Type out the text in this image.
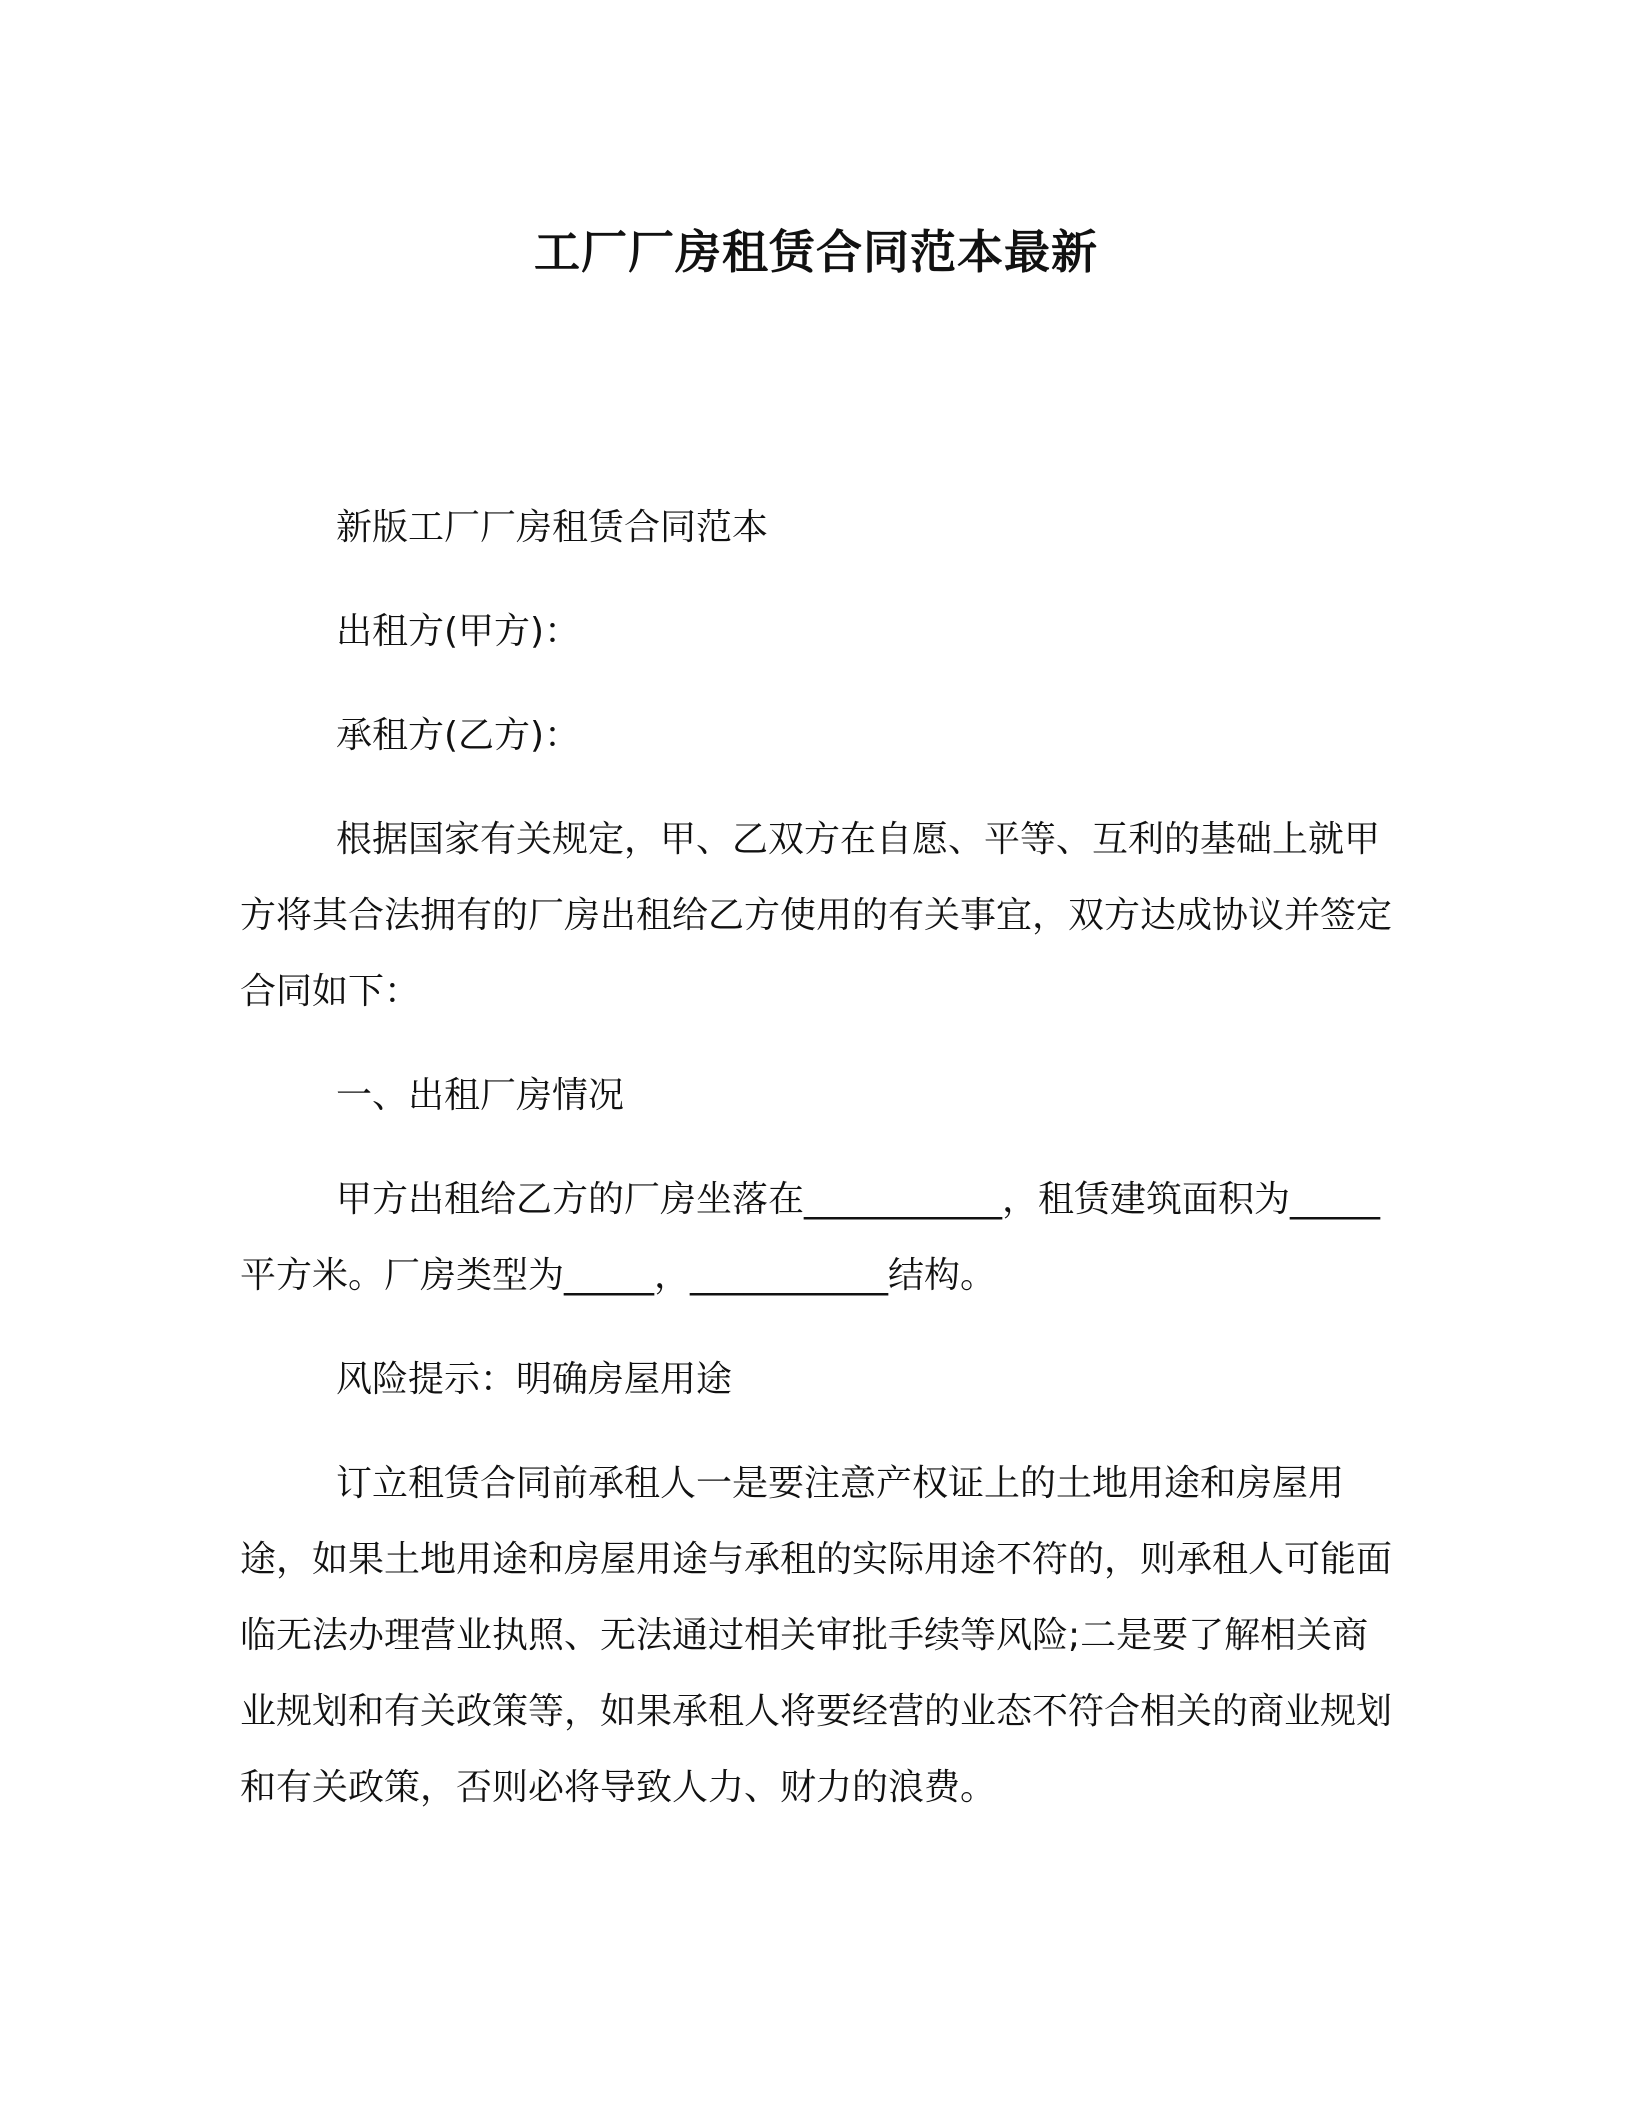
工厂厂房租赁合同范本最新

新版工厂厂房租赁合同范本

出租方(甲方)：

承租方(乙方)：

根据国家有关规定，甲、乙双方在自愿、平等、互利的基础上就甲方将其合法拥有的厂房出租给乙方使用的有关事宜，双方达成协议并签定合同如下：

一、出租厂房情况

甲方出租给乙方的厂房坐落在___________，租赁建筑面积为_____平方米。厂房类型为_____，___________结构。

风险提示：明确房屋用途

订立租赁合同前承租人一是要注意产权证上的土地用途和房屋用途，如果土地用途和房屋用途与承租的实际用途不符的，则承租人可能面临无法办理营业执照、无法通过相关审批手续等风险;二是要了解相关商业规划和有关政策等，如果承租人将要经营的业态不符合相关的商业规划和有关政策，否则必将导致人力、财力的浪费。
